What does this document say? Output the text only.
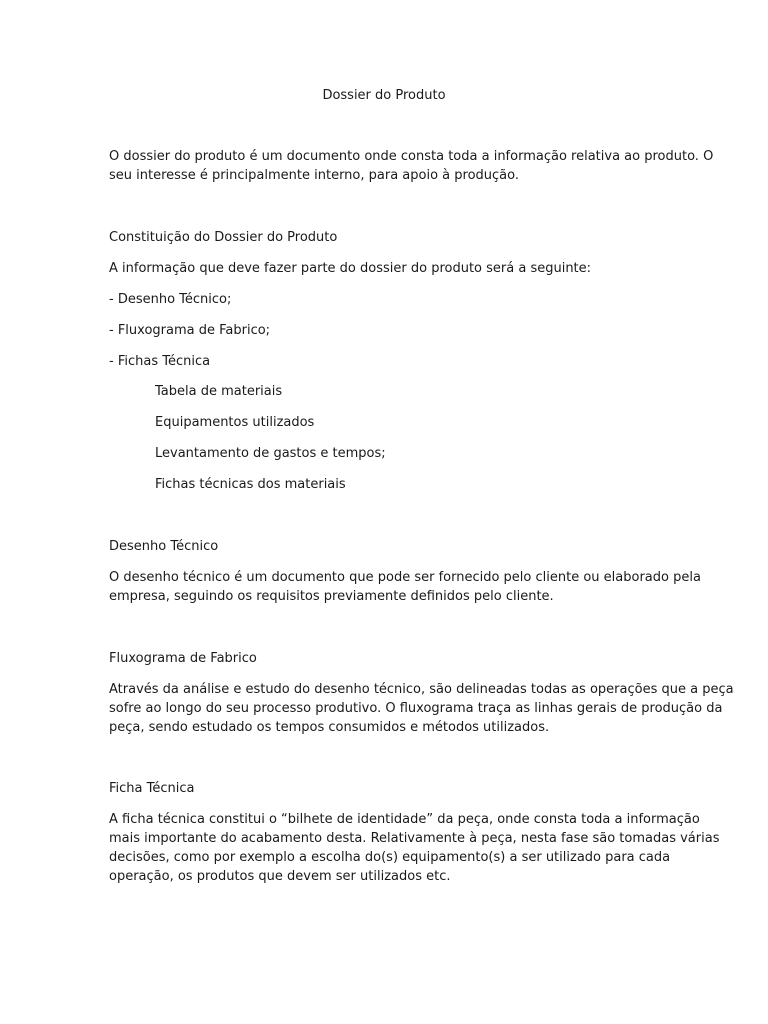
Dossier do Produto
O dossier do produto é um documento onde consta toda a informação relativa ao produto. O
seu interesse é principalmente interno, para apoio à produção.
Constituição do Dossier do Produto
A informação que deve fazer parte do dossier do produto será a seguinte:
- Desenho Técnico;
- Fluxograma de Fabrico;
- Fichas Técnica
Tabela de materiais
Equipamentos utilizados
Levantamento de gastos e tempos;
Fichas técnicas dos materiais
Desenho Técnico
O desenho técnico é um documento que pode ser fornecido pelo cliente ou elaborado pela
empresa, seguindo os requisitos previamente definidos pelo cliente.
Fluxograma de Fabrico
Através da análise e estudo do desenho técnico, são delineadas todas as operações que a peça
sofre ao longo do seu processo produtivo. O fluxograma traça as linhas gerais de produção da
peça, sendo estudado os tempos consumidos e métodos utilizados.
Ficha Técnica
A ficha técnica constitui o “bilhete de identidade” da peça, onde consta toda a informação
mais importante do acabamento desta. Relativamente à peça, nesta fase são tomadas várias
decisões, como por exemplo a escolha do(s) equipamento(s) a ser utilizado para cada
operação, os produtos que devem ser utilizados etc.
